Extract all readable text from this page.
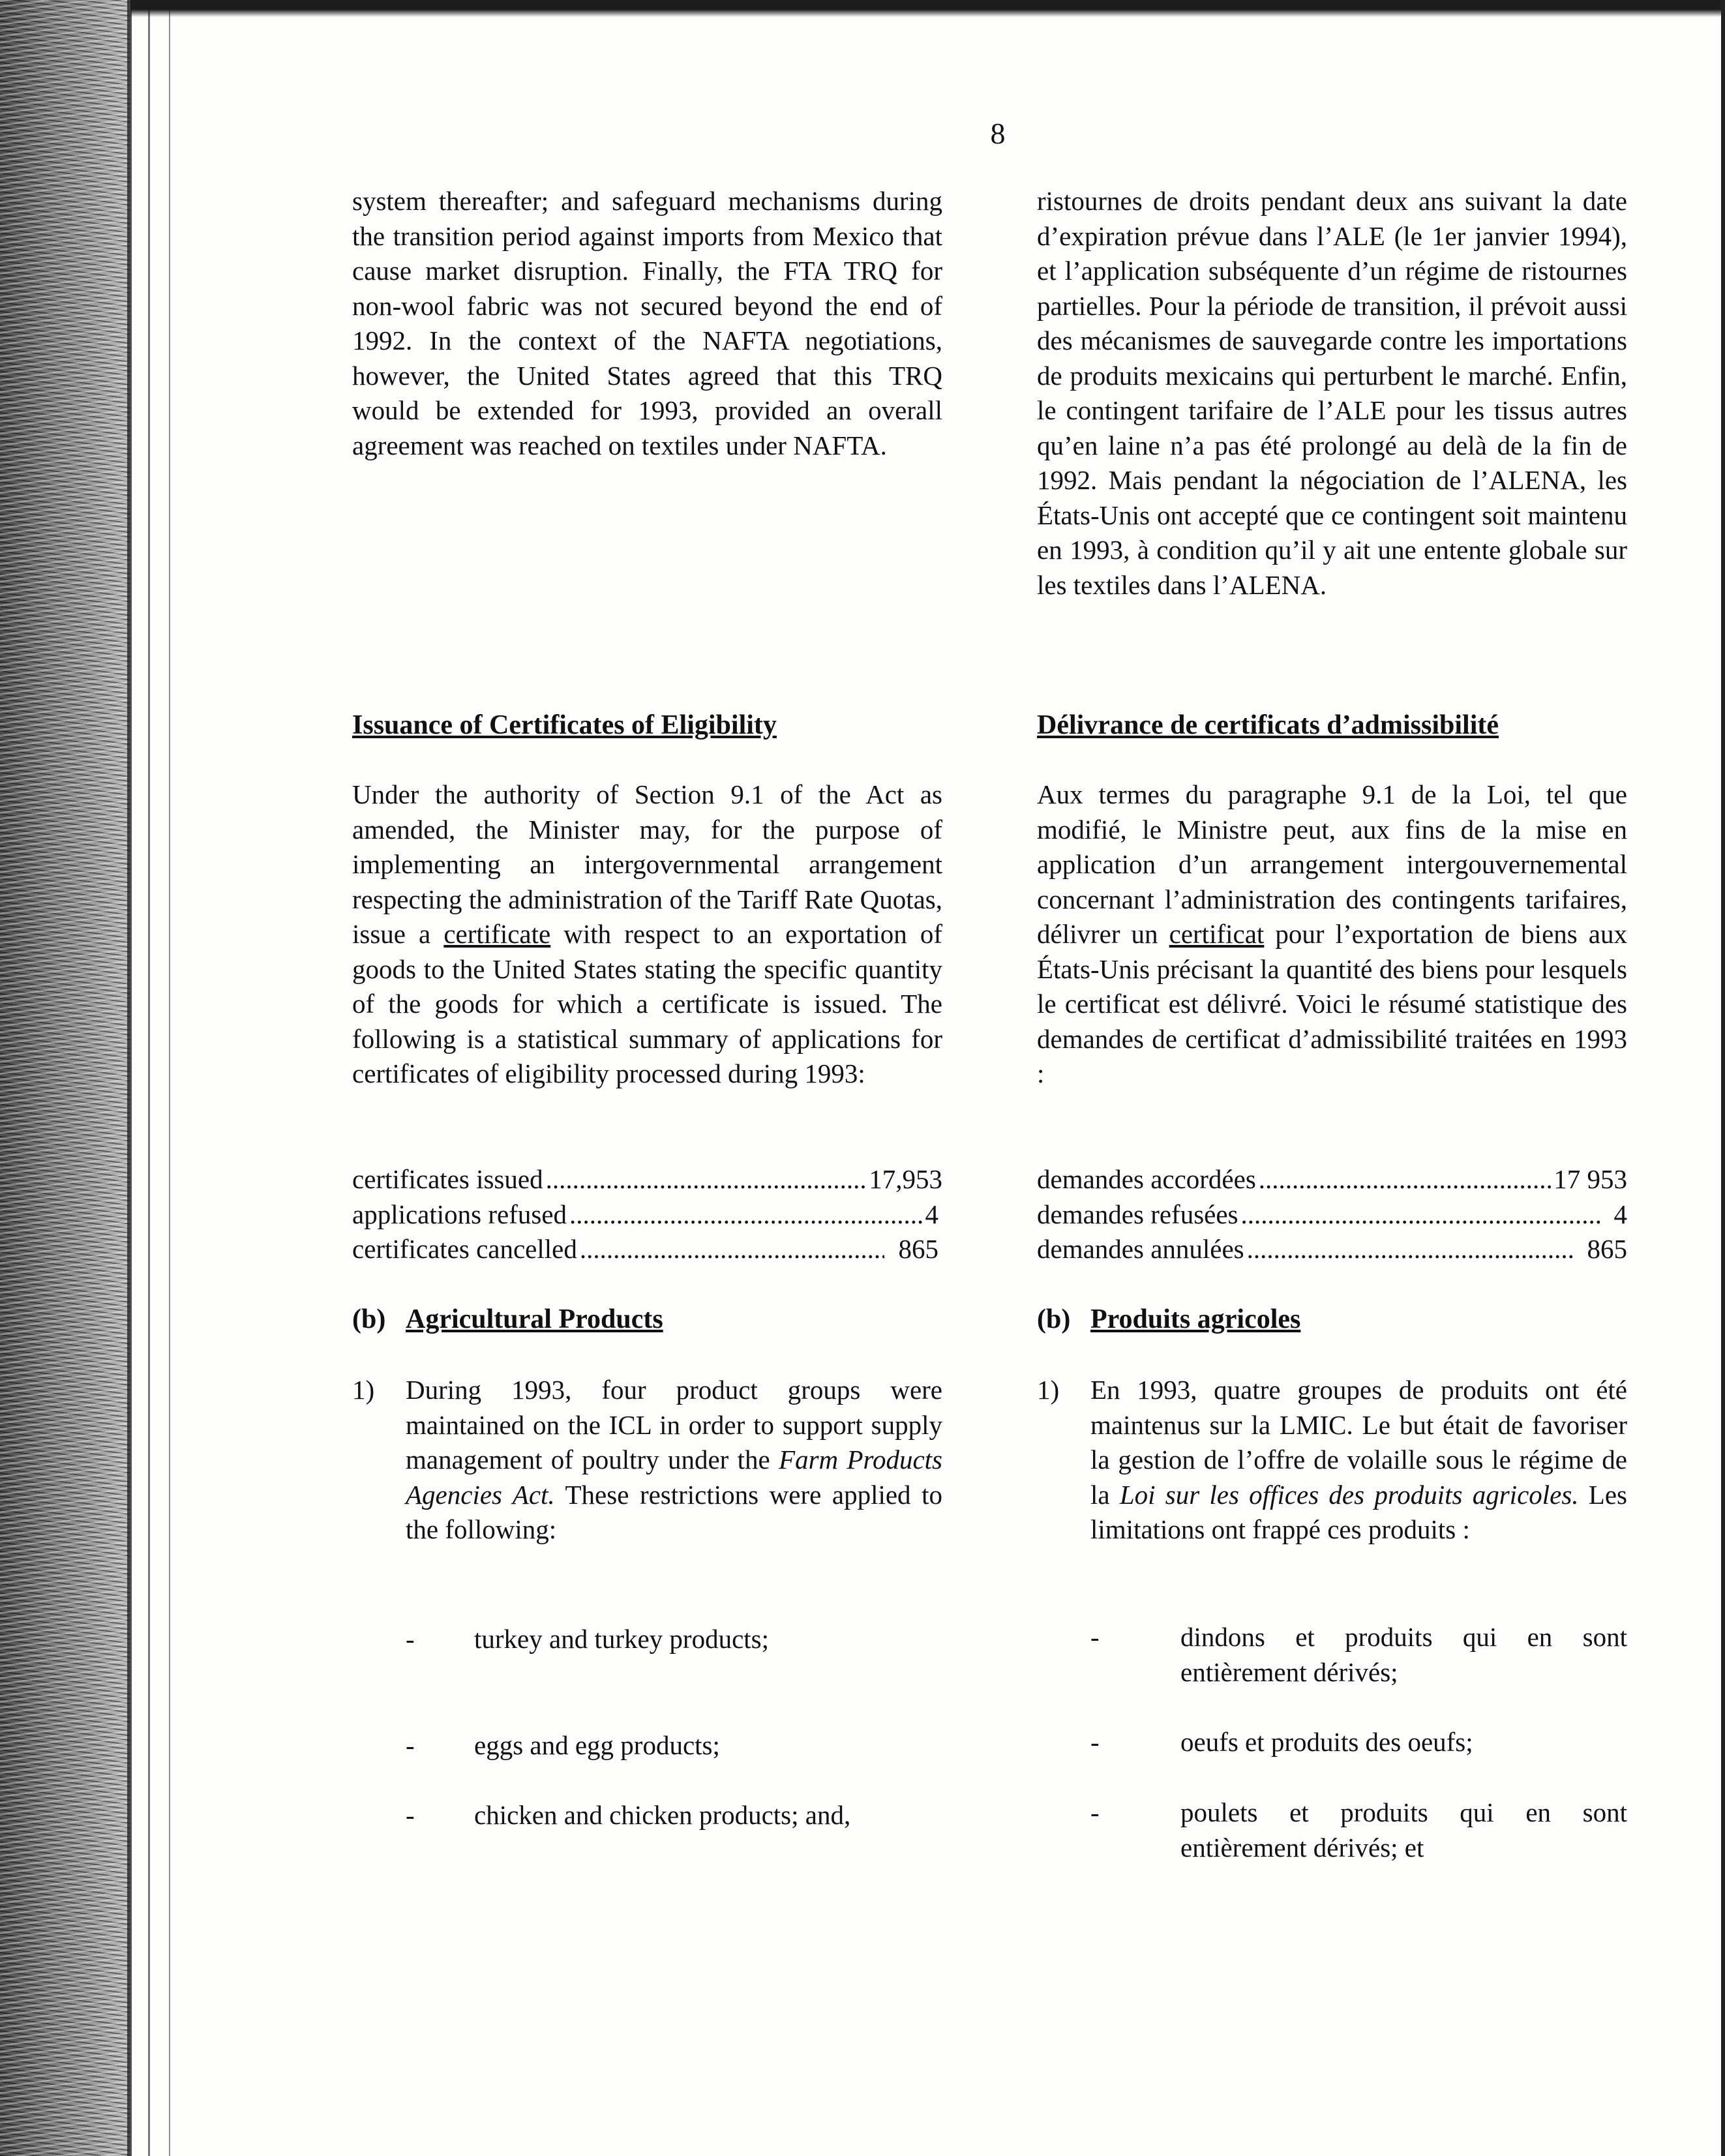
8

system thereafter; and safeguard mechanisms during the transition period against imports from Mexico that cause market disruption. Finally, the FTA TRQ for non-wool fabric was not secured beyond the end of 1992. In the context of the NAFTA negotiations, however, the United States agreed that this TRQ would be extended for 1993, provided an overall agreement was reached on textiles under NAFTA.

Issuance of Certificates of Eligibility

Under the authority of Section 9.1 of the Act as amended, the Minister may, for the purpose of implementing an intergovernmental arrangement respecting the administration of the Tariff Rate Quotas, issue a certificate with respect to an exportation of goods to the United States stating the specific quantity of the goods for which a certificate is issued. The following is a statistical summary of applications for certificates of eligibility processed during 1993:

certificates issued .....	17,953
applications refused .....	4
certificates cancelled .....	865
(b) Agricultural Products
1)	During 1993, four product groups were maintained on the ICL in order to support supply management of poultry under the Farm Products Agencies Act. These restrictions were applied to the following:

-	turkey and turkey products;
-	eggs and egg products;
-	chicken and chicken products; and,

ristournes de droits pendant deux ans suivant la date d’expiration prévue dans l’ALE (le 1er janvier 1994), et l’application subséquente d’un régime de ristournes partielles. Pour la période de transition, il prévoit aussi des mécanismes de sauvegarde contre les importations de produits mexicains qui perturbent le marché. Enfin, le contingent tarifaire de l’ALE pour les tissus autres qu’en laine n’a pas été prolongé au delà de la fin de 1992. Mais pendant la négociation de l’ALENA, les États-Unis ont accepté que ce contingent soit maintenu en 1993, à condition qu’il y ait une entente globale sur les textiles dans l’ALENA.

Délivrance de certificats d’admissibilité

Aux termes du paragraphe 9.1 de la Loi, tel que modifié, le Ministre peut, aux fins de la mise en application d’un arrangement intergouvernemental concernant l’administration des contingents tarifaires, délivrer un certificat pour l’exportation de biens aux États-Unis précisant la quantité des biens pour lesquels le certificat est délivré. Voici le résumé statistique des demandes de certificat d’admissibilité traitées en 1993 :

demandes accordées .....	17 953
demandes refusées .....	4
demandes annulées .....	865
(b) Produits agricoles
1)	En 1993, quatre groupes de produits ont été maintenus sur la LMIC. Le but était de favoriser la gestion de l’offre de volaille sous le régime de la Loi sur les offices des produits agricoles. Les limitations ont frappé ces produits :

-	dindons et produits qui en sont entièrement dérivés;
-	oeufs et produits des oeufs;
-	poulets et produits qui en sont entièrement dérivés; et
